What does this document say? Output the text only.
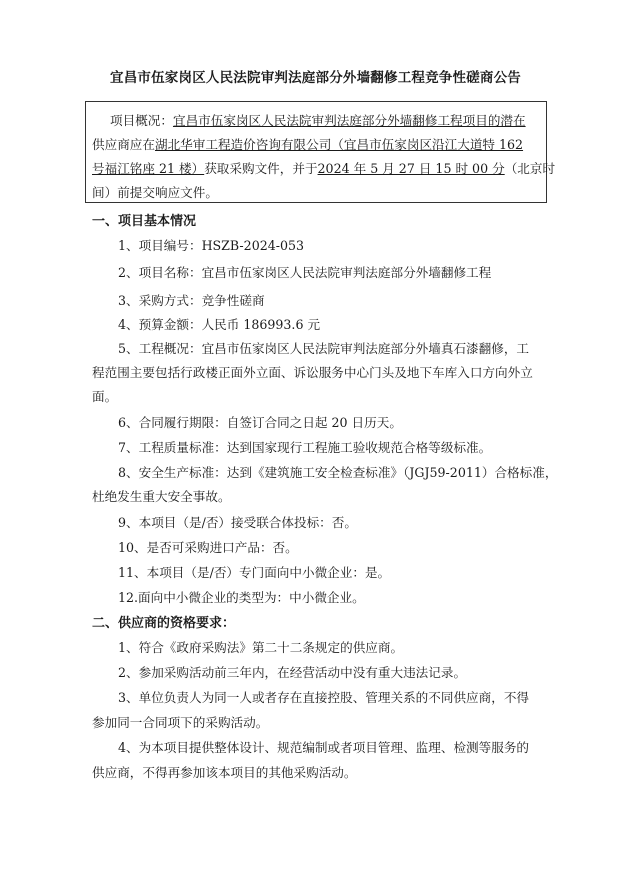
宜昌市伍家岗区人民法院审判法庭部分外墙翻修工程竞争性磋商公告
项目概况：宜昌市伍家岗区人民法院审判法庭部分外墙翻修工程项目的潜在
供应商应在湖北华审工程造价咨询有限公司（宜昌市伍家岗区沿江大道特 162
号福江铭座 21 楼）获取采购文件，并于2024 年 5 月 27 日 15 时 00 分（北京时
间）前提交响应文件。
一、项目基本情况
1、项目编号：HSZB-2024-053
2、项目名称：宜昌市伍家岗区人民法院审判法庭部分外墙翻修工程
3、采购方式：竞争性磋商
4、预算金额：人民币 186993.6 元
5、工程概况：宜昌市伍家岗区人民法院审判法庭部分外墙真石漆翻修，工
程范围主要包括行政楼正面外立面、诉讼服务中心门头及地下车库入口方向外立
面。
6、合同履行期限：自签订合同之日起 20 日历天。
7、工程质量标准：达到国家现行工程施工验收规范合格等级标准。
8、安全生产标准：达到《建筑施工安全检查标准》（JGJ59-2011）合格标准，
杜绝发生重大安全事故。
9、本项目（是/否）接受联合体投标：否。
10、是否可采购进口产品：否。
11、本项目（是/否）专门面向中小微企业：是。
12.面向中小微企业的类型为：中小微企业。
二、供应商的资格要求：
1、符合《政府采购法》第二十二条规定的供应商。
2、参加采购活动前三年内，在经营活动中没有重大违法记录。
3、单位负责人为同一人或者存在直接控股、管理关系的不同供应商，不得
参加同一合同项下的采购活动。
4、为本项目提供整体设计、规范编制或者项目管理、监理、检测等服务的
供应商，不得再参加该本项目的其他采购活动。
